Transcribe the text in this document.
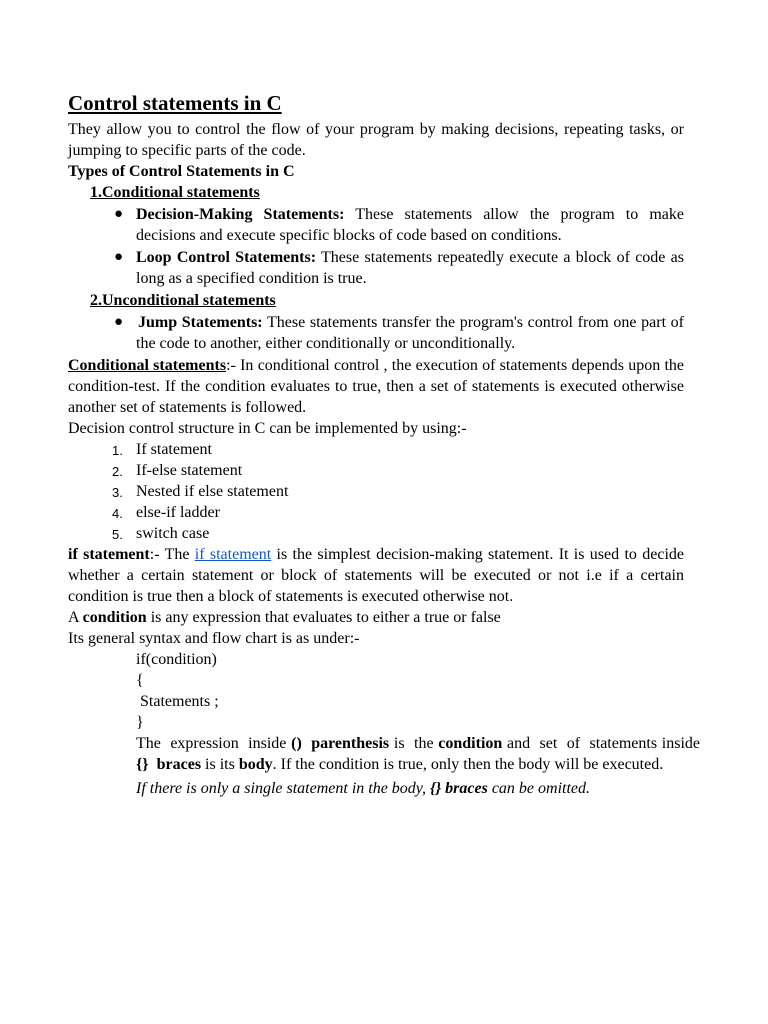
Control statements in C

They allow you to control the flow of your program by making decisions, repeating tasks, or jumping to specific parts of the code.

Types of Control Statements in C

1.Conditional statements

● Decision-Making Statements: These statements allow the program to make decisions and execute specific blocks of code based on conditions.
● Loop Control Statements: These statements repeatedly execute a block of code as long as a specified condition is true.

2.Unconditional statements

● Jump Statements: These statements transfer the program's control from one part of the code to another, either conditionally or unconditionally.

Conditional statements:- In conditional control , the execution of statements depends upon the condition-test. If the condition evaluates to true, then a set of statements is executed otherwise another set of statements is followed.

Decision control structure in C can be implemented by using:-

1. If statement
2. If-else statement
3. Nested if else statement
4. else-if ladder
5. switch case

if statement:- The if statement is the simplest decision-making statement. It is used to decide whether a certain statement or block of statements will be executed or not i.e if a certain condition is true then a block of statements is executed otherwise not.

A condition is any expression that evaluates to either a true or false

Its general syntax and flow chart is as under:-

if(condition)

{

Statements ;

}

The  expression  inside ()  parenthesis is  the condition and  set  of  statements inside {}  braces is its body. If the condition is true, only then the body will be executed.

If there is only a single statement in the body, {} braces can be omitted.
